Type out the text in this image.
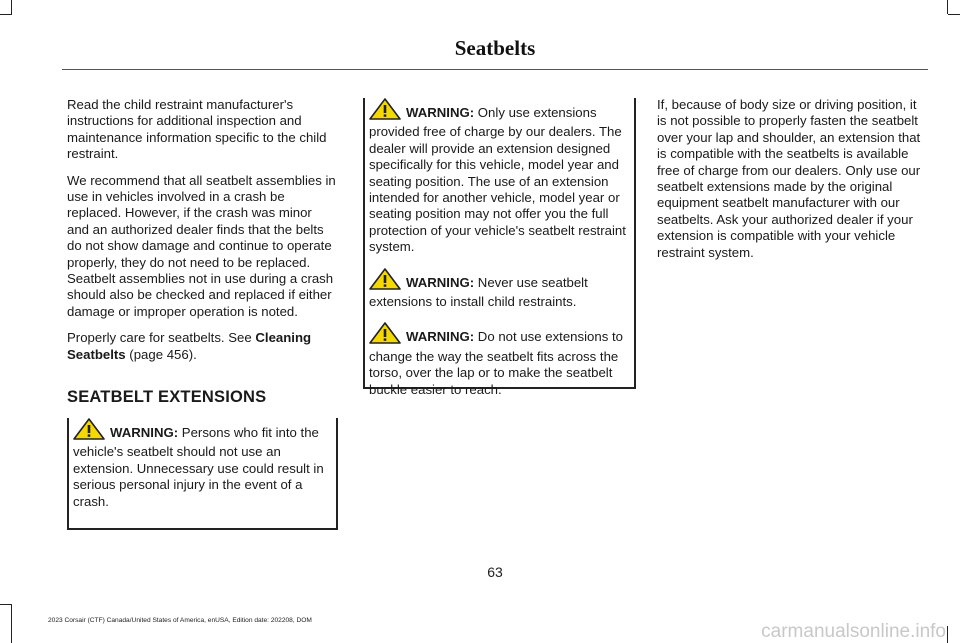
Seatbelts

Read the child restraint manufacturer's instructions for additional inspection and maintenance information specific to the child restraint.

We recommend that all seatbelt assemblies in use in vehicles involved in a crash be replaced. However, if the crash was minor and an authorized dealer finds that the belts do not show damage and continue to operate properly, they do not need to be replaced. Seatbelt assemblies not in use during a crash should also be checked and replaced if either damage or improper operation is noted.

Properly care for seatbelts. See Cleaning Seatbelts (page 456).

SEATBELT EXTENSIONS

WARNING: Persons who fit into the vehicle's seatbelt should not use an extension. Unnecessary use could result in serious personal injury in the event of a crash.

WARNING: Only use extensions provided free of charge by our dealers. The dealer will provide an extension designed specifically for this vehicle, model year and seating position. The use of an extension intended for another vehicle, model year or seating position may not offer you the full protection of your vehicle's seatbelt restraint system.

WARNING: Never use seatbelt extensions to install child restraints.

WARNING: Do not use extensions to change the way the seatbelt fits across the torso, over the lap or to make the seatbelt buckle easier to reach.

If, because of body size or driving position, it is not possible to properly fasten the seatbelt over your lap and shoulder, an extension that is compatible with the seatbelts is available free of charge from our dealers. Only use our seatbelt extensions made by the original equipment seatbelt manufacturer with our seatbelts. Ask your authorized dealer if your extension is compatible with your vehicle restraint system.

63
2023 Corsair (CTF) Canada/United States of America, enUSA, Edition date: 202208, DOM
carmanualsonline.info
